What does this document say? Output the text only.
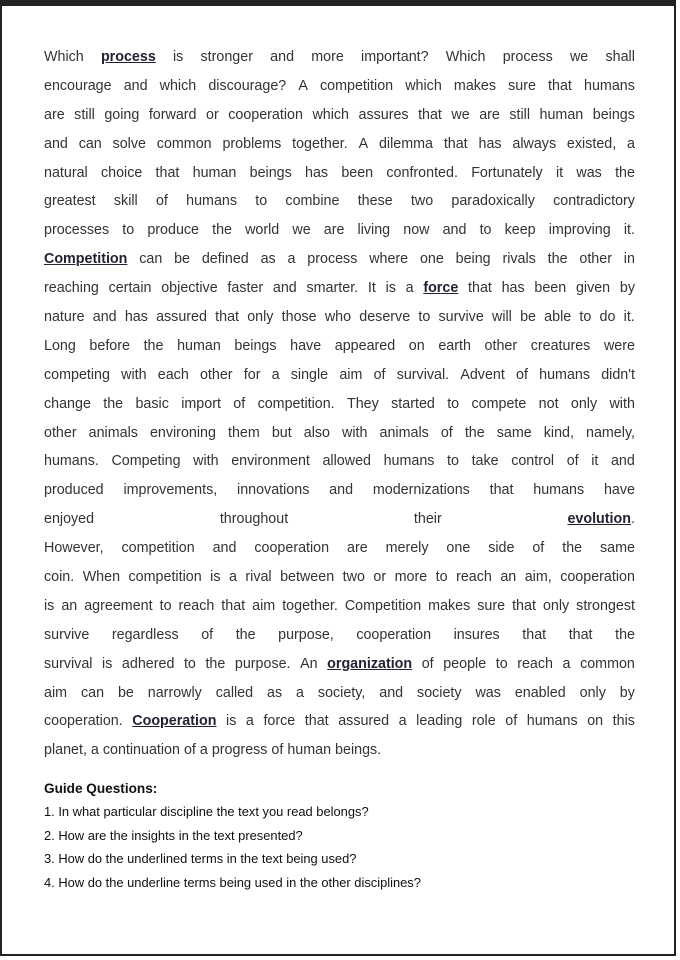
Which process is stronger and more important? Which process we shall
encourage and which discourage? A competition which makes sure that humans
are still going forward or cooperation which assures that we are still human beings
and can solve common problems together. A dilemma that has always existed, a
natural choice that human beings has been confronted. Fortunately it was the
greatest skill of humans to combine these two paradoxically contradictory
processes to produce the world we are living now and to keep improving it.
Competition can be defined as a process where one being rivals the other in
reaching certain objective faster and smarter. It is a force that has been given by
nature and has assured that only those who deserve to survive will be able to do it.
Long before the human beings have appeared on earth other creatures were
competing with each other for a single aim of survival. Advent of humans didn't
change the basic import of competition. They started to compete not only with
other animals environing them but also with animals of the same kind, namely,
humans. Competing with environment allowed humans to take control of it and
produced improvements, innovations and modernizations that humans have
enjoyed	throughout	their	evolution.
However, competition and cooperation are merely one side of the same
coin. When competition is a rival between two or more to reach an aim, cooperation
is an agreement to reach that aim together. Competition makes sure that only strongest
survive regardless of the purpose, cooperation insures that that the
survival is adhered to the purpose. An organization of people to reach a common
aim can be narrowly called as a society, and society was enabled only by
cooperation. Cooperation is a force that assured a leading role of humans on this
planet,
a
continuation
of
a
progress
of
human
beings.
Guide Questions:
1. In what particular discipline the text you read belongs?
2. How are the insights in the text presented?
3. How do the underlined terms in the text being used?
4. How do the underline terms being used in the other disciplines?
